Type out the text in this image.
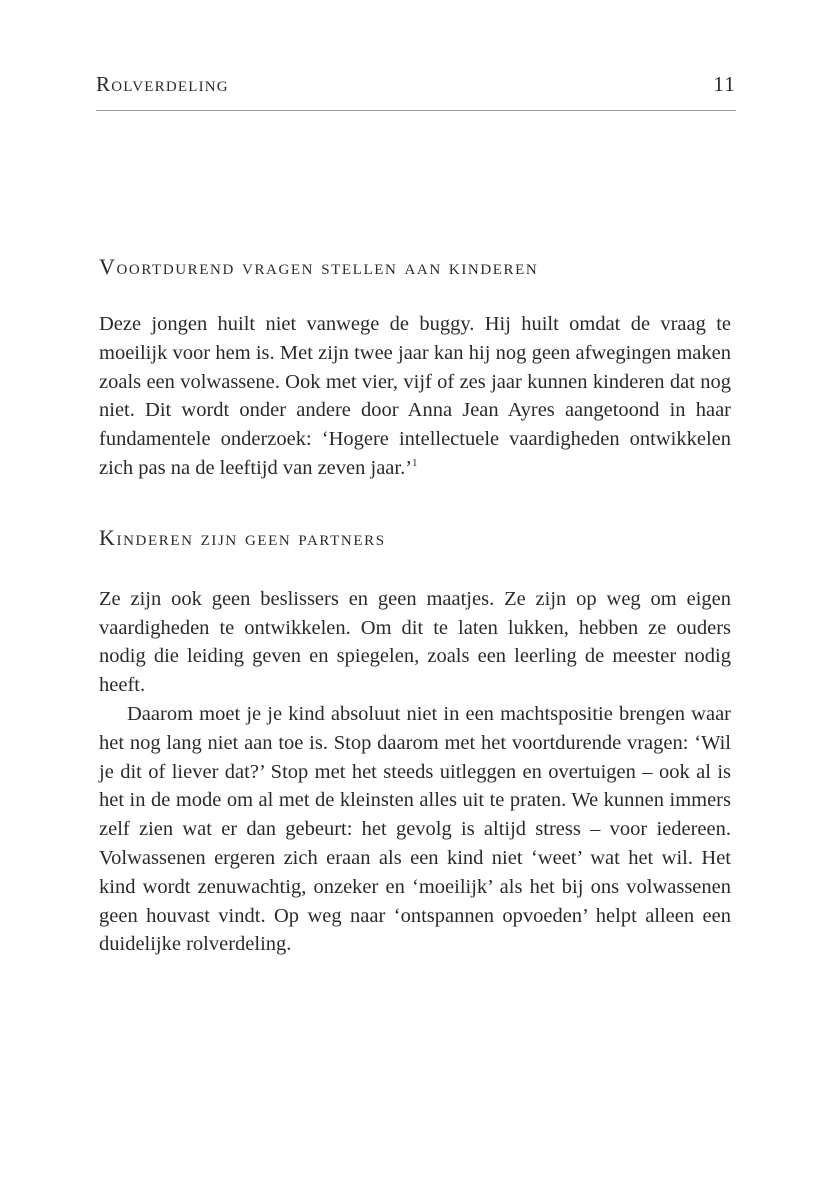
Rolverdeling	11
Voortdurend vragen stellen aan kinderen

Deze jongen huilt niet vanwege de buggy. Hij huilt omdat de vraag te moeilijk voor hem is. Met zijn twee jaar kan hij nog geen afwegingen maken zoals een volwassene. Ook met vier, vijf of zes jaar kunnen kinderen dat nog niet. Dit wordt onder andere door Anna Jean Ayres aangetoond in haar fundamentele onderzoek: ‘Hogere intellectuele vaardigheden ontwikkelen zich pas na de leeftijd van zeven jaar.’$^1$

Kinderen zijn geen partners

Ze zijn ook geen beslissers en geen maatjes. Ze zijn op weg om eigen vaardigheden te ontwikkelen. Om dit te laten lukken, hebben ze ouders nodig die leiding geven en spiegelen, zoals een leerling de meester nodig heeft.

Daarom moet je je kind absoluut niet in een machtspositie brengen waar het nog lang niet aan toe is. Stop daarom met het voortdurende vragen: ‘Wil je dit of liever dat?’ Stop met het steeds uitleggen en overtuigen – ook al is het in de mode om al met de kleinsten alles uit te praten. We kunnen immers zelf zien wat er dan gebeurt: het gevolg is altijd stress – voor iedereen. Volwassenen ergeren zich eraan als een kind niet ‘weet’ wat het wil. Het kind wordt zenuwachtig, onzeker en ‘moeilijk’ als het bij ons volwassenen geen houvast vindt. Op weg naar ‘ontspannen opvoeden’ helpt alleen een duidelijke rolverdeling.
